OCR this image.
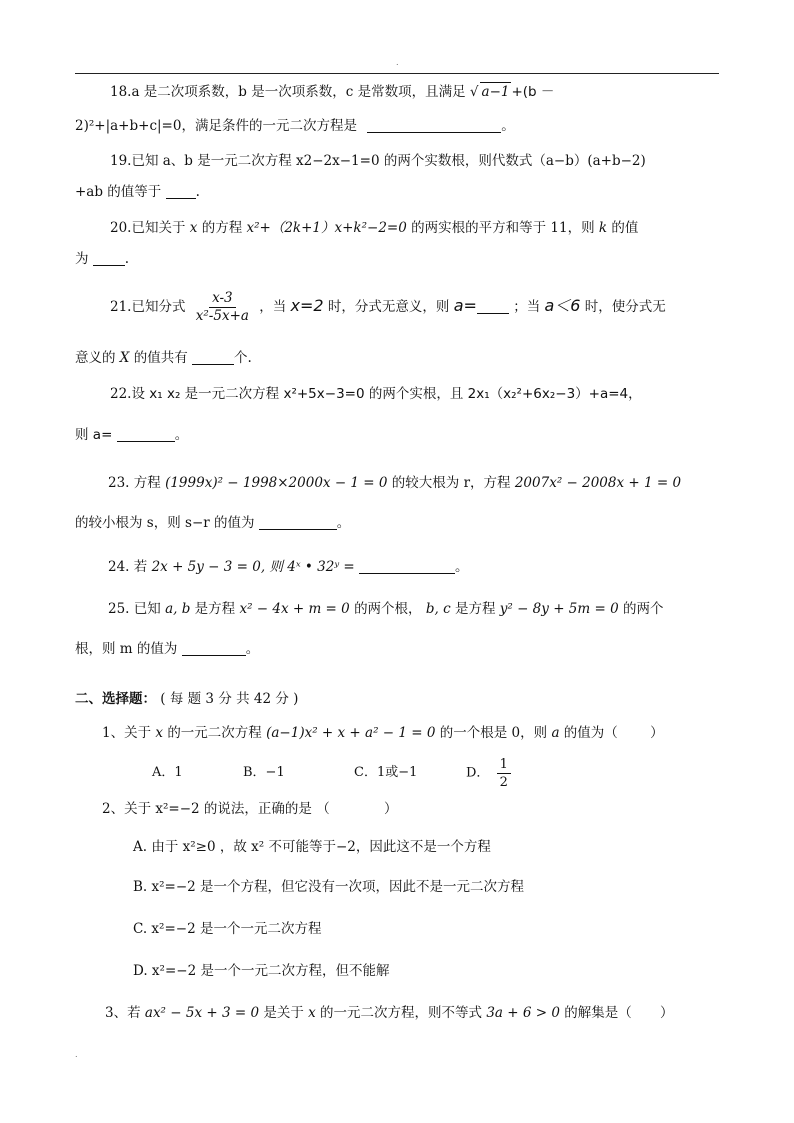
.
18.a 是二次项系数，b 是一次项系数，c 是常数项，且满足 √ a−1 +(b －
2)²+|a+b+c|=0，满足条件的一元二次方程是	。
19.已知 a、b 是一元二次方程 x2−2x−1=0 的两个实数根，则代数式（a−b）(a+b−2)
+ab 的值等于	.
20.已知关于 x 的方程 x²+（2k+1）x+k²−2=0 的两实根的平方和等于 11，则 k 的值
为	.
21.已知分式 $\frac{x-3}{\text{x²-5x+a}}$ ，当 x=2 时，分式无意义，则 a=	；当 a＜6 时，使分式无
意义的 X 的值共有	个.
22.设 x₁ x₂ 是一元二次方程 x²+5x−3=0 的两个实根，且 2x₁（x₂²+6x₂−3）+a=4，
则 a=	。
23. 方程 (1999x)² − 1998×2000x − 1 = 0 的较大根为 r，方程 2007x² − 2008x + 1 = 0
的较小根为 s，则 s−r 的值为	。
24. 若 2x + 5y − 3 = 0, 则 4ˣ • 32ʸ =	。
25. 已知 a, b 是方程 x² − 4x + m = 0 的两个根， b, c 是方程 y² − 8y + 5m = 0 的两个
根，则 m 的值为	。
二、选择题： ( 每 题 3 分 共 42 分 )
1、关于 x 的一元二次方程 (a−1)x² + x + a² − 1 = 0 的一个根是 0，则 a 的值为（ ）
A．1	B．−1	C．1或−1	D． $\frac{1}{2}$
2、关于 x²=−2 的说法，正确的是 （	）
A. 由于 x²≥0 ，故 x² 不可能等于−2，因此这不是一个方程
B. x²=−2 是一个方程，但它没有一次项，因此不是一元二次方程
C. x²=−2 是一个一元二次方程
D. x²=−2 是一个一元二次方程，但不能解
3、若 ax² − 5x + 3 = 0 是关于 x 的一元二次方程，则不等式 3a + 6 > 0 的解集是（ ）
.
